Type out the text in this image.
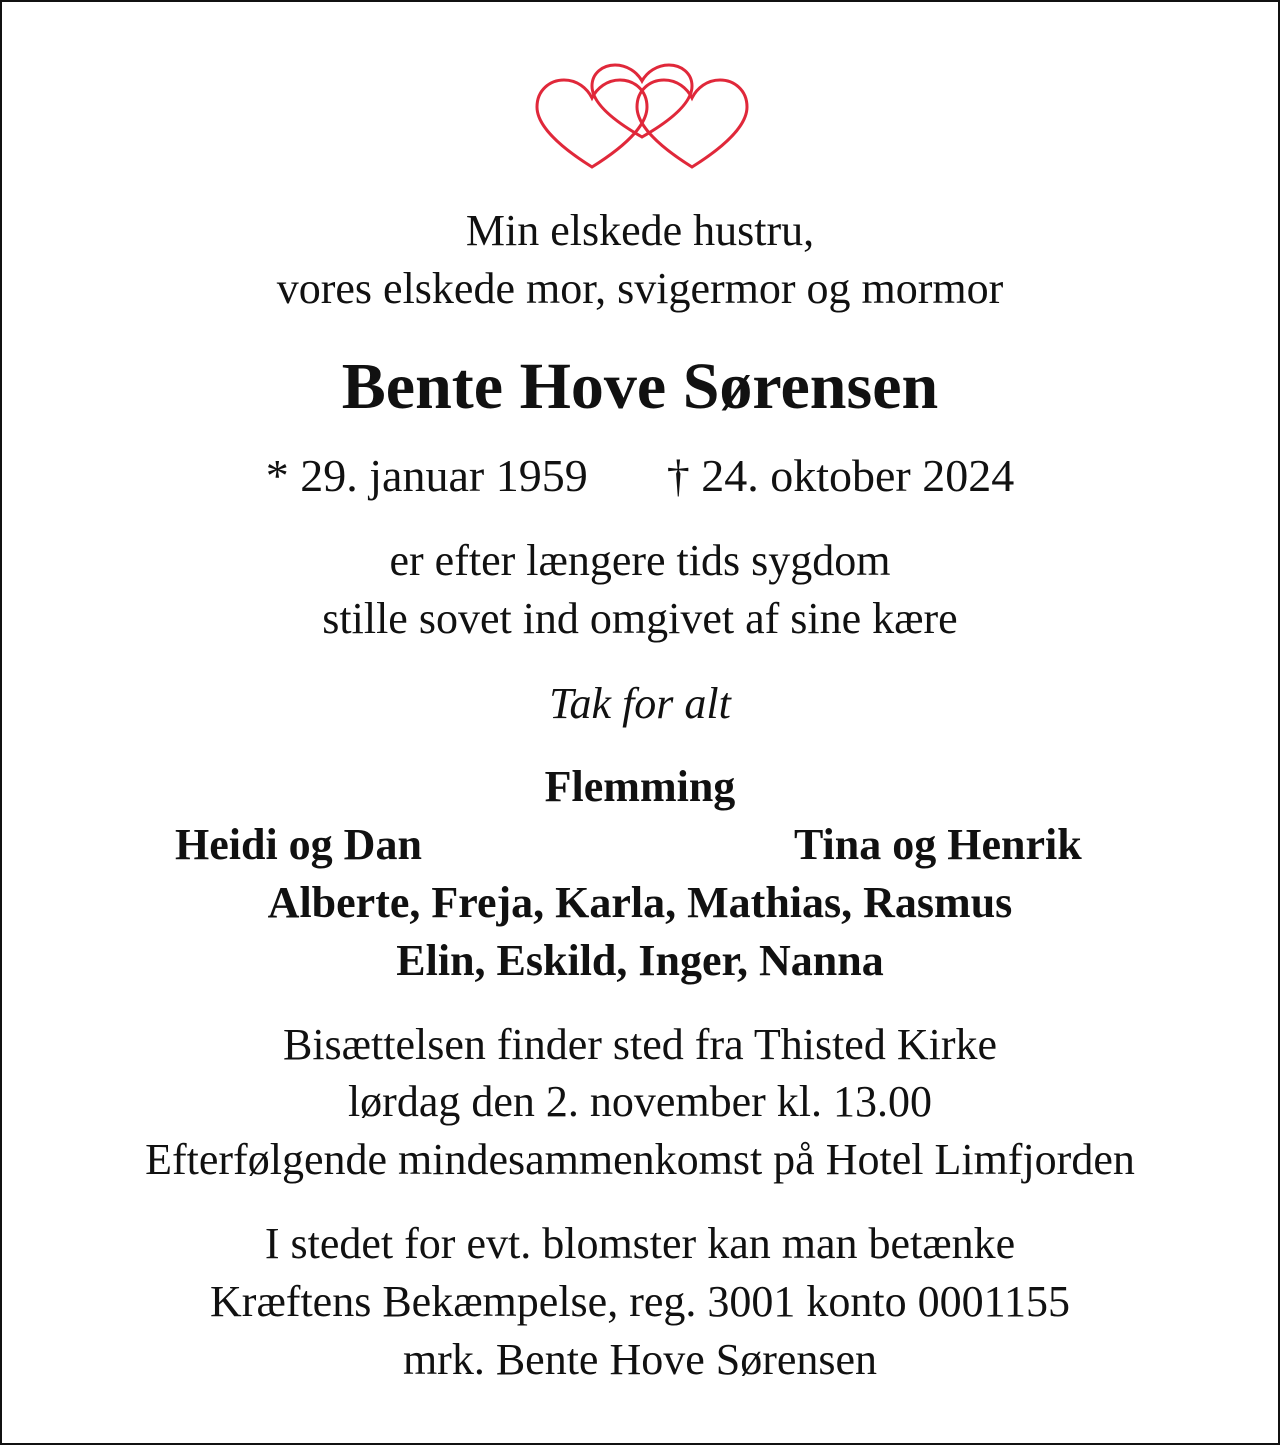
Min elskede hustru,
vores elskede mor, svigermor og mormor
Bente Hove Sørensen
* 29. januar 1959 † 24. oktober 2024
er efter længere tids sygdom
stille sovet ind omgivet af sine kære
Tak for alt
Flemming
Heidi og Dan	Tina og Henrik
Alberte, Freja, Karla, Mathias, Rasmus
Elin, Eskild, Inger, Nanna
Bisættelsen finder sted fra Thisted Kirke
lørdag den 2. november kl. 13.00
Efterfølgende mindesammenkomst på Hotel Limfjorden
I stedet for evt. blomster kan man betænke
Kræftens Bekæmpelse, reg. 3001 konto 0001155
mrk. Bente Hove Sørensen
